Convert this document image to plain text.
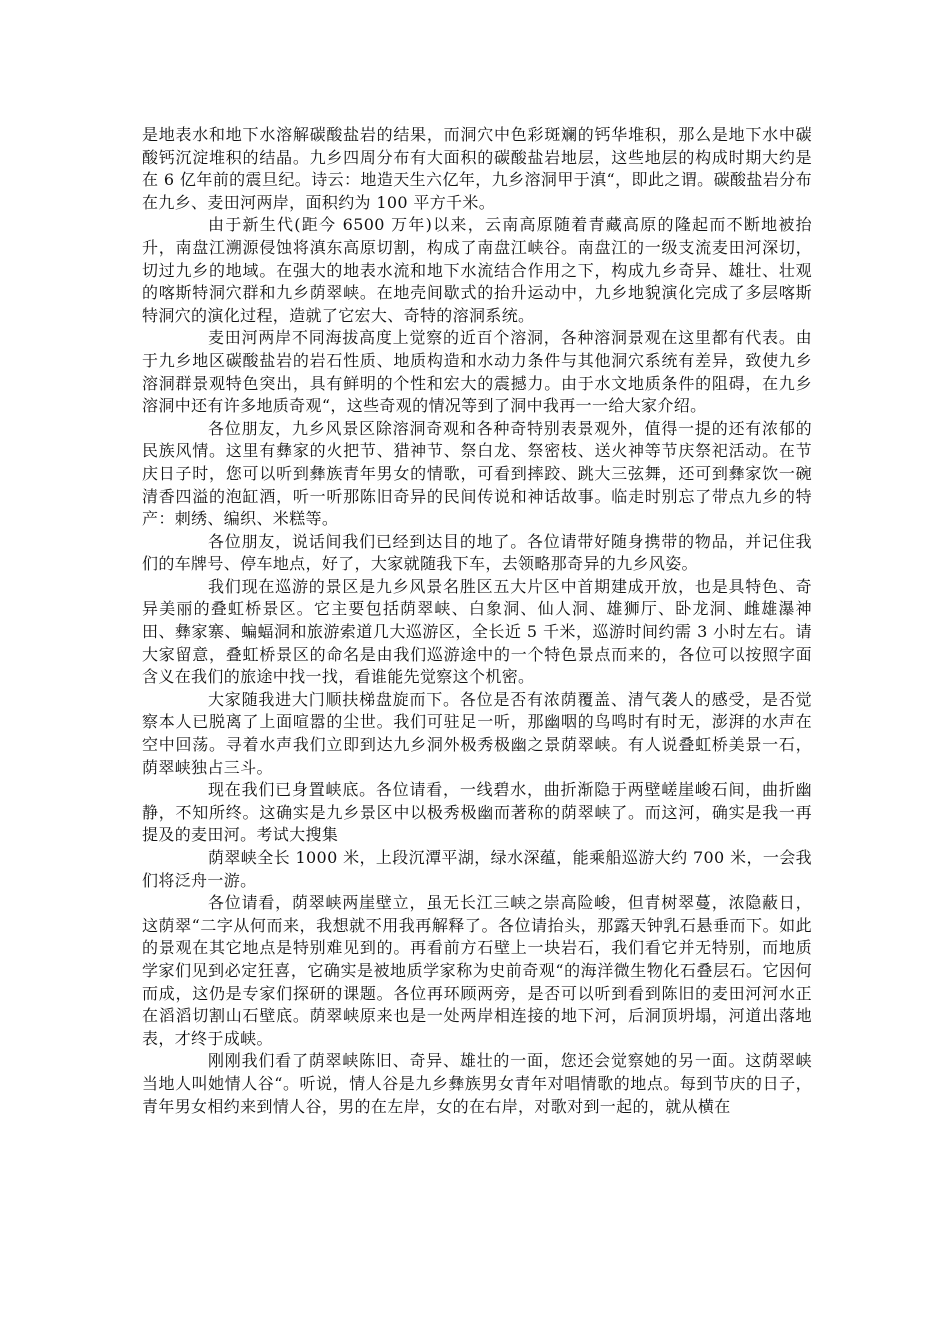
是地表水和地下水溶解碳酸盐岩的结果，而洞穴中色彩斑斓的钙华堆积，那么是地下水中碳酸钙沉淀堆积的结晶。九乡四周分布有大面积的碳酸盐岩地层，这些地层的构成时期大约是在 6 亿年前的震旦纪。诗云：地造天生六亿年，九乡溶洞甲于滇“，即此之谓。碳酸盐岩分布在九乡、麦田河两岸，面积约为 100 平方千米。

由于新生代(距今 6500 万年)以来，云南高原随着青藏高原的隆起而不断地被抬升，南盘江溯源侵蚀将滇东高原切割，构成了南盘江峡谷。南盘江的一级支流麦田河深切，切过九乡的地域。在强大的地表水流和地下水流结合作用之下，构成九乡奇异、雄壮、壮观的喀斯特洞穴群和九乡荫翠峡。在地壳间歇式的抬升运动中，九乡地貌演化完成了多层喀斯特洞穴的演化过程，造就了它宏大、奇特的溶洞系统。

麦田河两岸不同海拔高度上觉察的近百个溶洞，各种溶洞景观在这里都有代表。由于九乡地区碳酸盐岩的岩石性质、地质构造和水动力条件与其他洞穴系统有差异，致使九乡溶洞群景观特色突出，具有鲜明的个性和宏大的震撼力。由于水文地质条件的阻碍，在九乡溶洞中还有许多地质奇观“，这些奇观的情况等到了洞中我再一一给大家介绍。

各位朋友，九乡风景区除溶洞奇观和各种奇特别表景观外，值得一提的还有浓郁的民族风情。这里有彝家的火把节、猎神节、祭白龙、祭密枝、送火神等节庆祭祀活动。在节庆日子时，您可以听到彝族青年男女的情歌，可看到摔跤、跳大三弦舞，还可到彝家饮一碗清香四溢的泡缸酒，听一听那陈旧奇异的民间传说和神话故事。临走时别忘了带点九乡的特产：刺绣、编织、米糕等。

各位朋友，说话间我们已经到达目的地了。各位请带好随身携带的物品，并记住我们的车牌号、停车地点，好了，大家就随我下车，去领略那奇异的九乡风姿。

我们现在巡游的景区是九乡风景名胜区五大片区中首期建成开放，也是具特色、奇异美丽的叠虹桥景区。它主要包括荫翠峡、白象洞、仙人洞、雄狮厅、卧龙洞、雌雄瀑神田、彝家寨、蝙蝠洞和旅游索道几大巡游区，全长近 5 千米，巡游时间约需 3 小时左右。请大家留意，叠虹桥景区的命名是由我们巡游途中的一个特色景点而来的，各位可以按照字面含义在我们的旅途中找一找，看谁能先觉察这个机密。

大家随我进大门顺扶梯盘旋而下。各位是否有浓荫覆盖、清气袭人的感受，是否觉察本人已脱离了上面喧嚣的尘世。我们可驻足一听，那幽咽的鸟鸣时有时无，澎湃的水声在空中回荡。寻着水声我们立即到达九乡洞外极秀极幽之景荫翠峡。有人说叠虹桥美景一石，荫翠峡独占三斗。

现在我们已身置峡底。各位请看，一线碧水，曲折渐隐于两壁嵯崖峻石间，曲折幽静，不知所终。这确实是九乡景区中以极秀极幽而著称的荫翠峡了。而这河，确实是我一再提及的麦田河。考试大搜集

荫翠峡全长 1000 米，上段沉潭平湖，绿水深蕴，能乘船巡游大约 700 米，一会我们将泛舟一游。

各位请看，荫翠峡两崖壁立，虽无长江三峡之崇高险峻，但青树翠蔓，浓隐蔽日，这荫翠“二字从何而来，我想就不用我再解释了。各位请抬头，那露天钟乳石悬垂而下。如此的景观在其它地点是特别难见到的。再看前方石壁上一块岩石，我们看它并无特别，而地质学家们见到必定狂喜，它确实是被地质学家称为史前奇观“的海洋微生物化石叠层石。它因何而成，这仍是专家们探研的课题。各位再环顾两旁，是否可以听到看到陈旧的麦田河河水正在滔滔切割山石壁底。荫翠峡原来也是一处两岸相连接的地下河，后洞顶坍塌，河道出落地表，才终于成峡。

刚刚我们看了荫翠峡陈旧、奇异、雄壮的一面，您还会觉察她的另一面。这荫翠峡当地人叫她情人谷“。听说，情人谷是九乡彝族男女青年对唱情歌的地点。每到节庆的日子，青年男女相约来到情人谷，男的在左岸，女的在右岸，对歌对到一起的，就从横在
